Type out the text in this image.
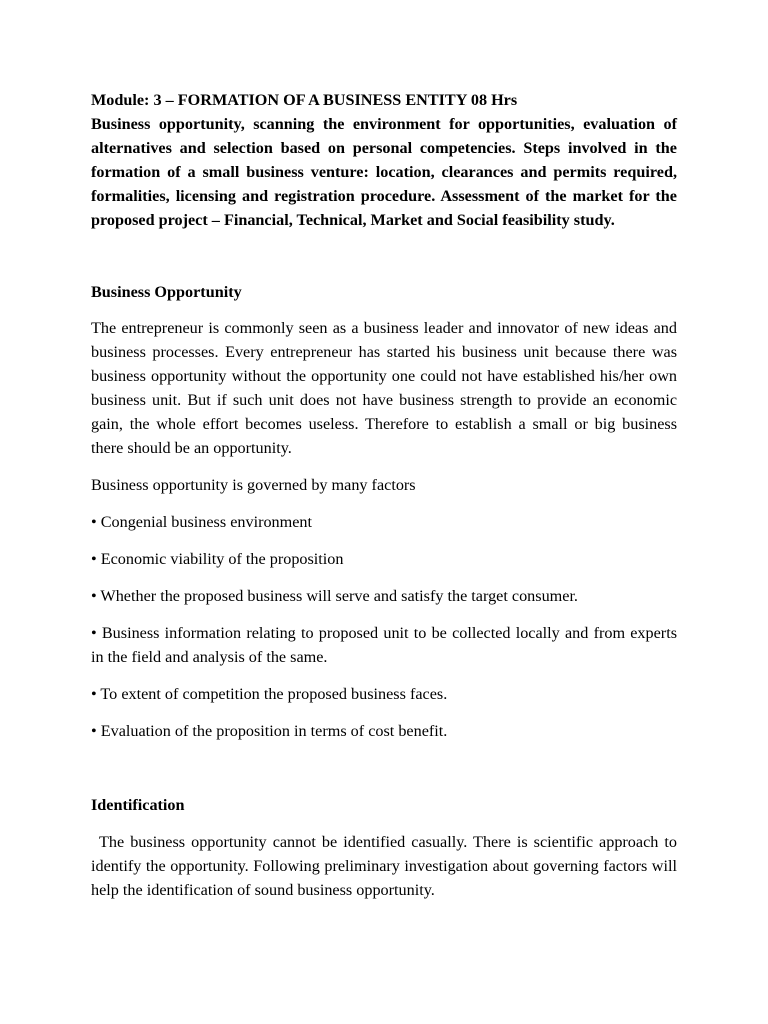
Module: 3 – FORMATION OF A BUSINESS ENTITY 08 Hrs

Business opportunity, scanning the environment for opportunities, evaluation of alternatives and selection based on personal competencies. Steps involved in the formation of a small business venture: location, clearances and permits required, formalities, licensing and registration procedure. Assessment of the market for the proposed project – Financial, Technical, Market and Social feasibility study.

Business Opportunity

The entrepreneur is commonly seen as a business leader and innovator of new ideas and business processes. Every entrepreneur has started his business unit because there was business opportunity without the opportunity one could not have established his/her own business unit. But if such unit does not have business strength to provide an economic gain, the whole effort becomes useless. Therefore to establish a small or big business there should be an opportunity.

Business opportunity is governed by many factors

• Congenial business environment

• Economic viability of the proposition

• Whether the proposed business will serve and satisfy the target consumer.

• Business information relating to proposed unit to be collected locally and from experts in the field and analysis of the same.

• To extent of competition the proposed business faces.

• Evaluation of the proposition in terms of cost benefit.

Identification

The business opportunity cannot be identified casually. There is scientific approach to identify the opportunity. Following preliminary investigation about governing factors will help the identification of sound business opportunity.
